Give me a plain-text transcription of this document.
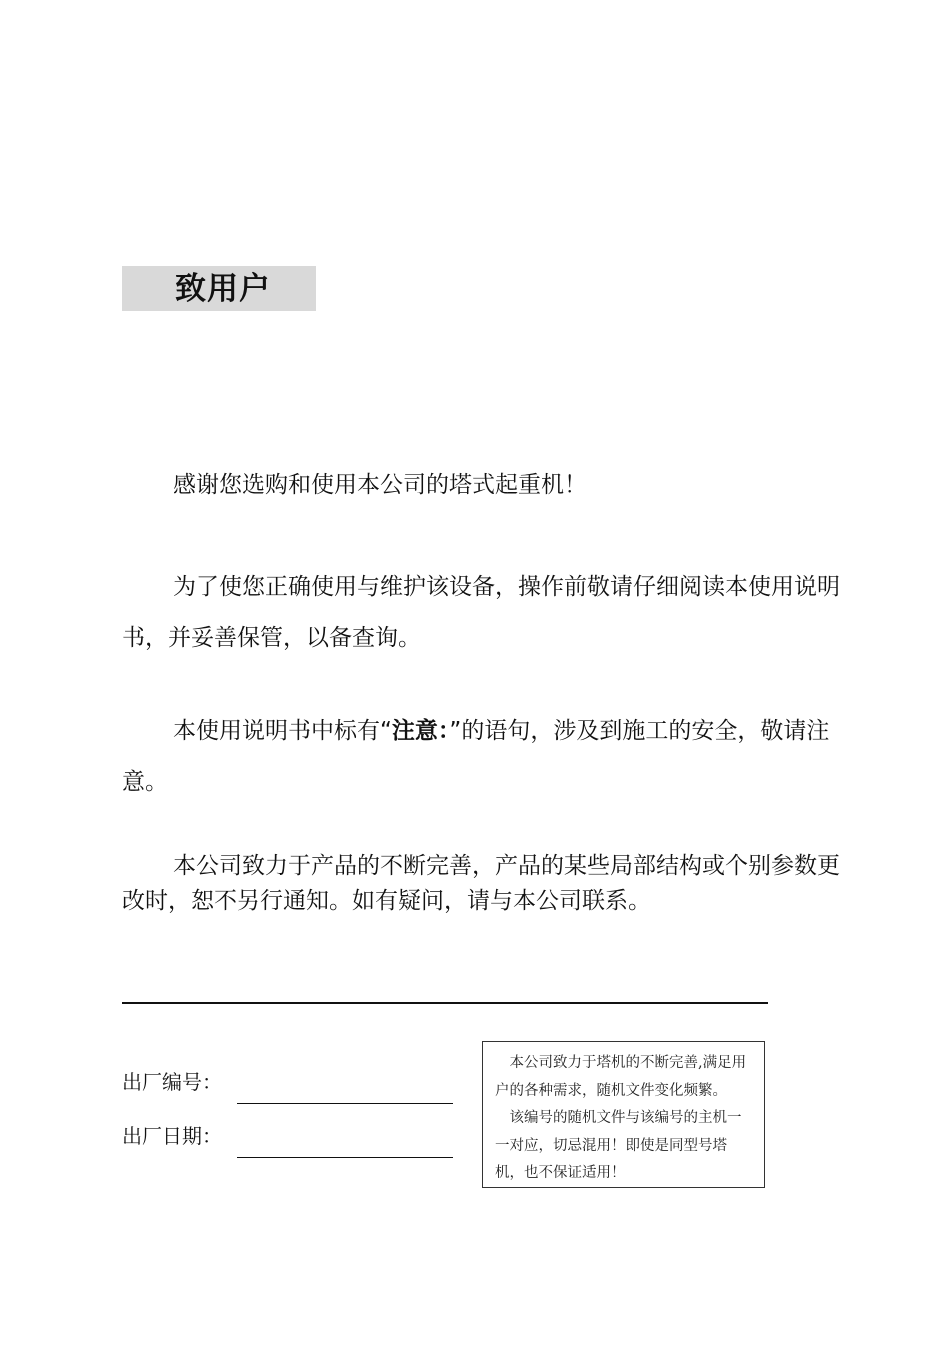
致用户

感谢您选购和使用本公司的塔式起重机！

为了使您正确使用与维护该设备，操作前敬请仔细阅读本使用说明书，并妥善保管，以备查询。

本使用说明书中标有“注意：”的语句，涉及到施工的安全，敬请注意。

本公司致力于产品的不断完善，产品的某些局部结构或个别参数更改时，恕不另行通知。如有疑问，请与本公司联系。

出厂编号：
出厂日期：

本公司致力于塔机的不断完善,满足用户的各种需求，随机文件变化频繁。

该编号的随机文件与该编号的主机一一对应，切忌混用！即使是同型号塔机，也不保证适用！
